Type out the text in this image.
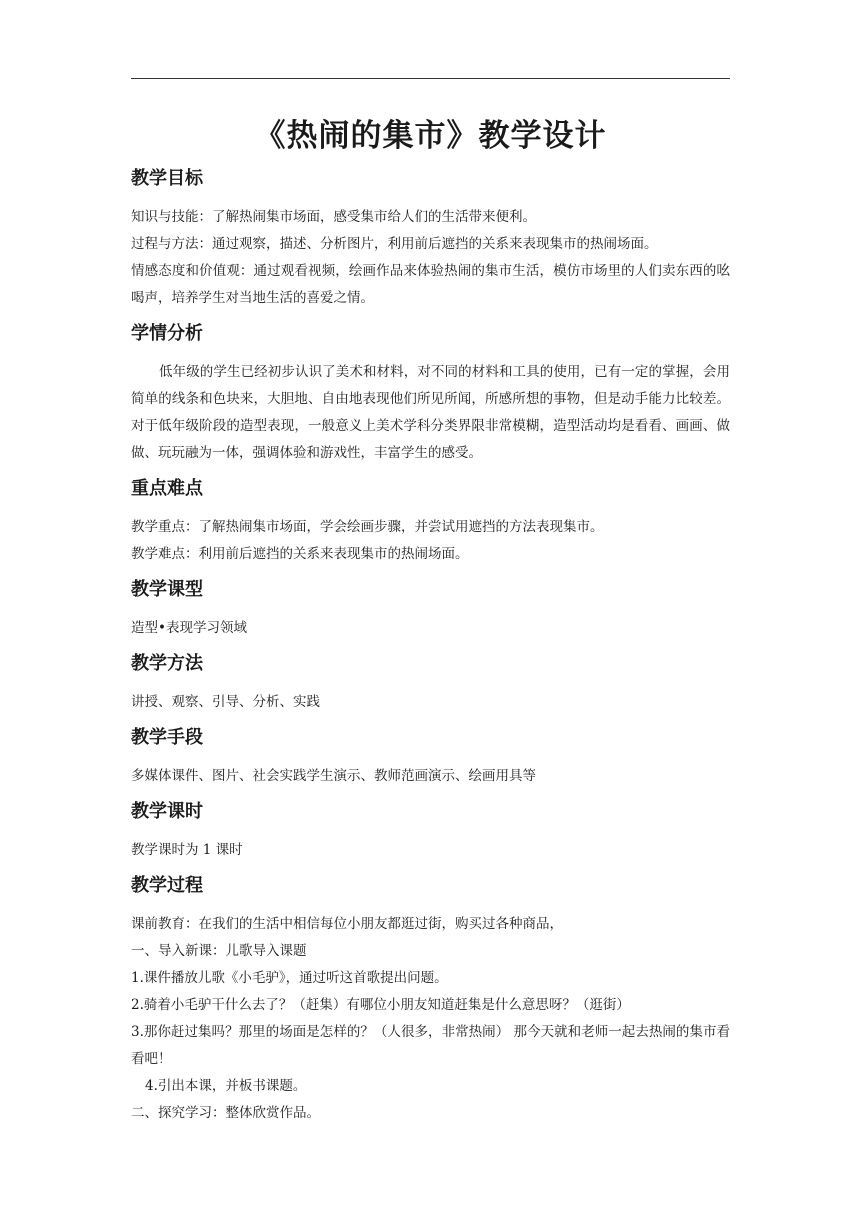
《热闹的集市》教学设计
教学目标

知识与技能：了解热闹集市场面，感受集市给人们的生活带来便利。

过程与方法：通过观察，描述、分析图片，利用前后遮挡的关系来表现集市的热闹场面。

情感态度和价值观：通过观看视频，绘画作品来体验热闹的集市生活，模仿市场里的人们卖东西的吆喝声，培养学生对当地生活的喜爱之情。

学情分析

低年级的学生已经初步认识了美术和材料，对不同的材料和工具的使用，已有一定的掌握，会用简单的线条和色块来，大胆地、自由地表现他们所见所闻，所感所想的事物，但是动手能力比较差。对于低年级阶段的造型表现，一般意义上美术学科分类界限非常模糊，造型活动均是看看、画画、做做、玩玩融为一体，强调体验和游戏性，丰富学生的感受。

重点难点

教学重点：了解热闹集市场面，学会绘画步骤，并尝试用遮挡的方法表现集市。

教学难点：利用前后遮挡的关系来表现集市的热闹场面。

教学课型

造型•表现学习领域

教学方法

讲授、观察、引导、分析、实践

教学手段

多媒体课件、图片、社会实践学生演示、教师范画演示、绘画用具等

教学课时

教学课时为 1 课时

教学过程

课前教育：在我们的生活中相信每位小朋友都逛过街，购买过各种商品，

一、导入新课：儿歌导入课题

1.课件播放儿歌《小毛驴》，通过听这首歌提出问题。

2.骑着小毛驴干什么去了？（赶集）有哪位小朋友知道赶集是什么意思呀？（逛街）

3.那你赶过集吗？那里的场面是怎样的？（人很多，非常热闹） 那今天就和老师一起去热闹的集市看看吧！

4.引出本课，并板书课题。

二、探究学习：整体欣赏作品。
